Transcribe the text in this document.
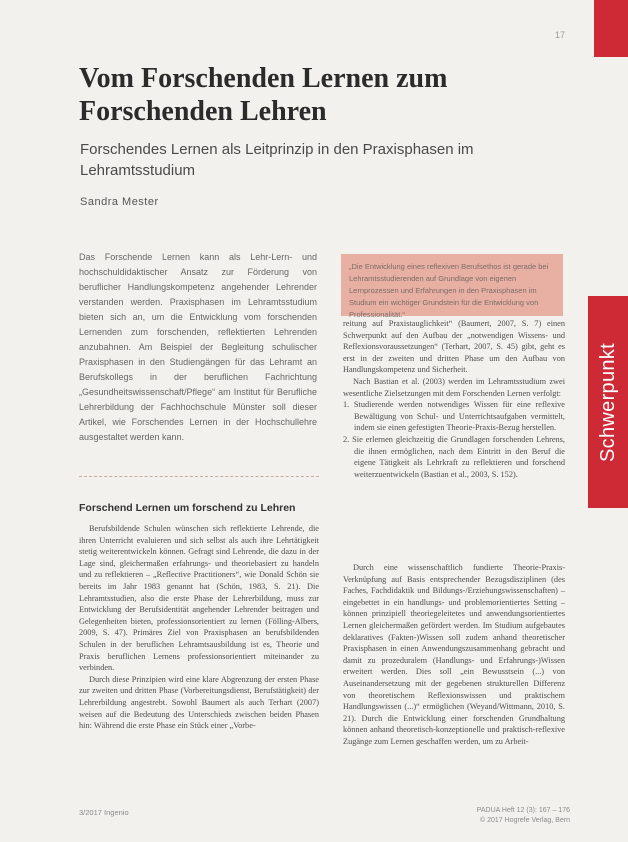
17
Schwerpunkt
Vom Forschenden Lernen zum Forschenden Lehren
Forschendes Lernen als Leitprinzip in den Praxisphasen im Lehramtsstudium
Sandra Mester

Das Forschende Lernen kann als Lehr-Lern- und hochschuldidaktischer Ansatz zur Förderung von beruflicher Handlungskompetenz angehender Lehrender verstanden werden. Praxisphasen im Lehramtsstudium bieten sich an, um die Entwicklung vom forschenden Lernenden zum forschenden, reflektierten Lehrenden anzubahnen. Am Beispiel der Begleitung schulischer Praxisphasen in den Studiengängen für das Lehramt an Berufskollegs in der beruflichen Fachrichtung „Gesundheitswissenschaft/Pflege“ am Institut für Berufliche Lehrerbildung der Fachhochschule Münster soll dieser Artikel, wie Forschendes Lernen in der Hochschullehre ausgestaltet werden kann.

„Die Entwicklung eines reflexiven Berufsethos ist gerade bei Lehramtsstudierenden auf Grundlage von eigenen Lernprozessen und Erfahrungen in den Praxisphasen im Studium ein wichtiger Grundstein für die Entwicklung von Professionalität.“
Forschend Lernen um forschend zu Lehren

Berufsbildende Schulen wünschen sich reflektierte Lehrende, die ihren Unterricht evaluieren und sich selbst als auch ihre Lehrtätigkeit stetig weiterentwickeln können. Gefragt sind Lehrende, die dazu in der Lage sind, gleichermaßen erfahrungs- und theoriebasiert zu handeln und zu reflektieren – „Reflective Practitioners“, wie Donald Schön sie bereits im Jahr 1983 genannt hat (Schön, 1983, S. 21). Die Lehramtsstudien, also die erste Phase der Lehrerbildung, muss zur Entwicklung der Berufsidentität angehender Lehrender beitragen und Gelegenheiten bieten, professionsorientiert zu lernen (Fölling-Albers, 2009, S. 47). Primäres Ziel von Praxisphasen an berufsbildenden Schulen in der beruflichen Lehramtsausbildung ist es, Theorie und Praxis beruflichen Lernens professionsorientiert miteinander zu verbinden.

Durch diese Prinzipien wird eine klare Abgrenzung der ersten Phase zur zweiten und dritten Phase (Vorbereitungsdienst, Berufstätigkeit) der Lehrerbildung angestrebt. Sowohl Baumert als auch Terhart (2007) weisen auf die Bedeutung des Unterschieds zwischen beiden Phasen hin: Während die erste Phase ein Stück einer „Vorbe-

reitung auf Praxistauglichkeit“ (Baumert, 2007, S. 7) einen Schwerpunkt auf den Aufbau der „notwendigen Wissens- und Reflexionsvoraussetzungen“ (Terhart, 2007, S. 45) gibt, geht es erst in der zweiten und dritten Phase um den Aufbau von Handlungskompetenz und Sicherheit.

Nach Bastian et al. (2003) werden im Lehramtsstudium zwei wesentliche Zielsetzungen mit dem Forschenden Lernen verfolgt:

1. Studierende werden notwendiges Wissen für eine reflexive Bewältigung von Schul- und Unterrichtsaufgaben vermittelt, indem sie einen gefestigten Theorie-Praxis-Bezug herstellen.

2. Sie erlernen gleichzeitig die Grundlagen forschenden Lehrens, die ihnen ermöglichen, nach dem Eintritt in den Beruf die eigene Tätigkeit als Lehrkraft zu reflektieren und forschend weiterzuentwickeln (Bastian et al., 2003, S. 152).

Durch eine wissenschaftlich fundierte Theorie-Praxis-Verknüpfung auf Basis entsprechender Bezugsdisziplinen (des Faches, Fachdidaktik und Bildungs-/Erziehungswissenschaften) – eingebettet in ein handlungs- und problemorientiertes Setting – können prinzipiell theoriegeleitetes und anwendungsorientiertes Lernen gleichermaßen gefördert werden. Im Studium aufgebautes deklaratives (Fakten-)Wissen soll zudem anhand theoretischer Praxisphasen in einen Anwendungszusammenhang gebracht und damit zu prozeduralem (Handlungs- und Erfahrungs-)Wissen erweitert werden. Dies soll „ein Bewusstsein (...) von Auseinandersetzung mit der gegebenen strukturellen Differenz von theoretischem Reflexionswissen und praktischem Handlungswissen (...)“ ermöglichen (Weyand/Wittmann, 2010, S. 21). Durch die Entwicklung einer forschenden Grundhaltung können anhand theoretisch-konzeptionelle und praktisch-reflexive Zugänge zum Lernen geschaffen werden, um zu Arbeit-

3/2017 Ingenio	PADUA Heft 12 (3): 167 – 176
© 2017 Hogrefe Verlag, Bern
